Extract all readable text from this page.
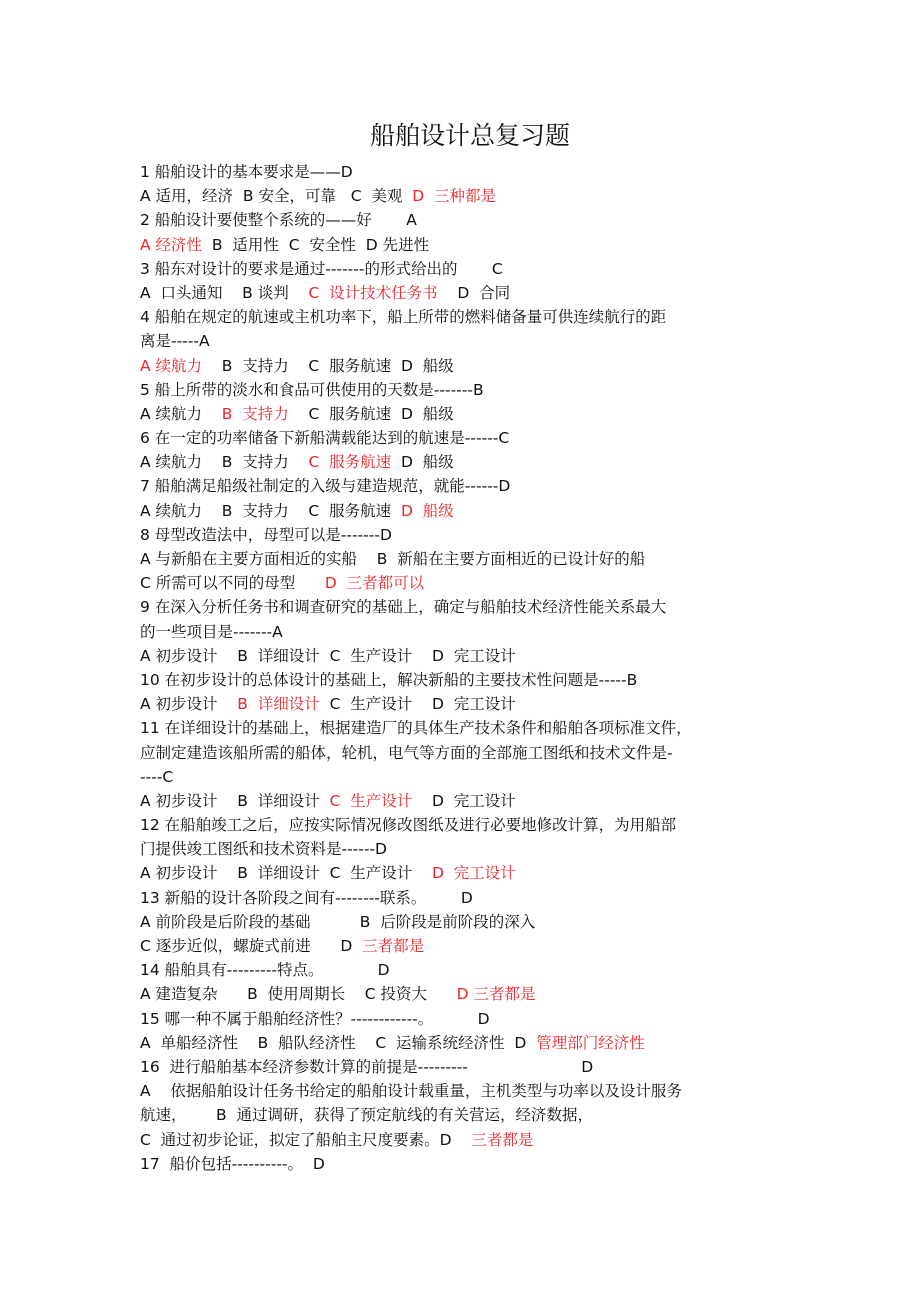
船舶设计总复习题
1 船舶设计的基本要求是——D
A 适用，经济  B 安全，可靠   C  美观  D  三种都是
2 船舶设计要使整个系统的——好       A
A 经济性  B  适用性  C  安全性  D 先进性
3 船东对设计的要求是通过-------的形式给出的       C
A  口头通知    B 谈判    C  设计技术任务书    D  合同
4 船舶在规定的航速或主机功率下，船上所带的燃料储备量可供连续航行的距
离是-----A
A 续航力    B  支持力    C  服务航速  D  船级
5 船上所带的淡水和食品可供使用的天数是-------B
A 续航力    B  支持力    C  服务航速  D  船级
6 在一定的功率储备下新船满载能达到的航速是------C
A 续航力    B  支持力    C  服务航速  D  船级
7 船舶满足船级社制定的入级与建造规范，就能------D
A 续航力    B  支持力    C  服务航速  D  船级
8 母型改造法中，母型可以是-------D
A 与新船在主要方面相近的实船    B  新船在主要方面相近的已设计好的船
C 所需可以不同的母型      D  三者都可以
9 在深入分析任务书和调查研究的基础上，确定与船舶技术经济性能关系最大
的一些项目是-------A
A 初步设计    B  详细设计  C  生产设计    D  完工设计
10 在初步设计的总体设计的基础上，解决新船的主要技术性问题是-----B
A 初步设计    B  详细设计  C  生产设计    D  完工设计
11 在详细设计的基础上，根据建造厂的具体生产技术条件和船舶各项标准文件，
应制定建造该船所需的船体，轮机，电气等方面的全部施工图纸和技术文件是-
----C
A 初步设计    B  详细设计  C  生产设计    D  完工设计
12 在船舶竣工之后，应按实际情况修改图纸及进行必要地修改计算，为用船部
门提供竣工图纸和技术资料是------D
A 初步设计    B  详细设计  C  生产设计    D  完工设计
13 新船的设计各阶段之间有--------联系。       D
A 前阶段是后阶段的基础          B  后阶段是前阶段的深入
C 逐步近似，螺旋式前进      D  三者都是
14 船舶具有---------特点。           D
A 建造复杂      B  使用周期长    C 投资大      D 三者都是
15 哪一种不属于船舶经济性？------------。         D
A  单船经济性    B  船队经济性    C  运输系统经济性  D  管理部门经济性
16  进行船舶基本经济参数计算的前提是---------                       D
A    依据船舶设计任务书给定的船舶设计载重量，主机类型与功率以及设计服务
航速，      B  通过调研，获得了预定航线的有关营运，经济数据，
C  通过初步论证，拟定了船舶主尺度要素。D    三者都是
17  船价包括----------。  D
